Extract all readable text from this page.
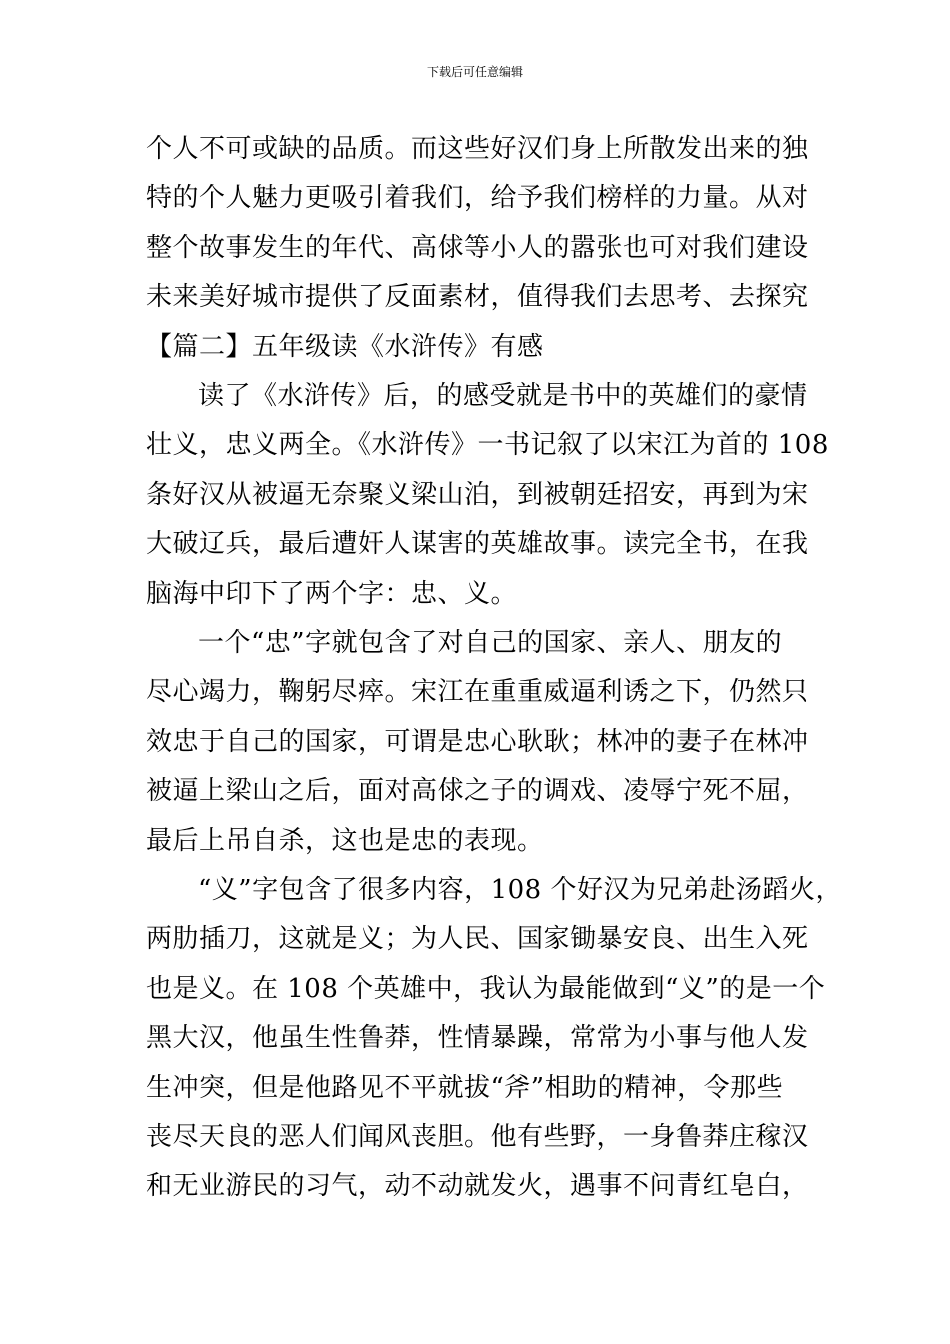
下载后可任意编辑
个人不可或缺的品质。而这些好汉们身上所散发出来的独
特的个人魅力更吸引着我们，给予我们榜样的力量。从对
整个故事发生的年代、高俅等小人的嚣张也可对我们建设
未来美好城市提供了反面素材，值得我们去思考、去探究
【篇二】五年级读《水浒传》有感
读了《水浒传》后，的感受就是书中的英雄们的豪情
壮义，忠义两全。《水浒传》一书记叙了以宋江为首的 108
条好汉从被逼无奈聚义梁山泊，到被朝廷招安，再到为宋
大破辽兵，最后遭奸人谋害的英雄故事。读完全书，在我
脑海中印下了两个字：忠、义。
一个“忠”字就包含了对自己的国家、亲人、朋友的
尽心竭力，鞠躬尽瘁。宋江在重重威逼利诱之下，仍然只
效忠于自己的国家，可谓是忠心耿耿；林冲的妻子在林冲
被逼上梁山之后，面对高俅之子的调戏、凌辱宁死不屈，
最后上吊自杀，这也是忠的表现。
“义”字包含了很多内容，108 个好汉为兄弟赴汤蹈火，
两肋插刀，这就是义；为人民、国家锄暴安良、出生入死
也是义。在 108 个英雄中，我认为最能做到“义”的是一个
黑大汉，他虽生性鲁莽，性情暴躁，常常为小事与他人发
生冲突，但是他路见不平就拔“斧”相助的精神，令那些
丧尽天良的恶人们闻风丧胆。他有些野，一身鲁莽庄稼汉
和无业游民的习气，动不动就发火，遇事不问青红皂白，
